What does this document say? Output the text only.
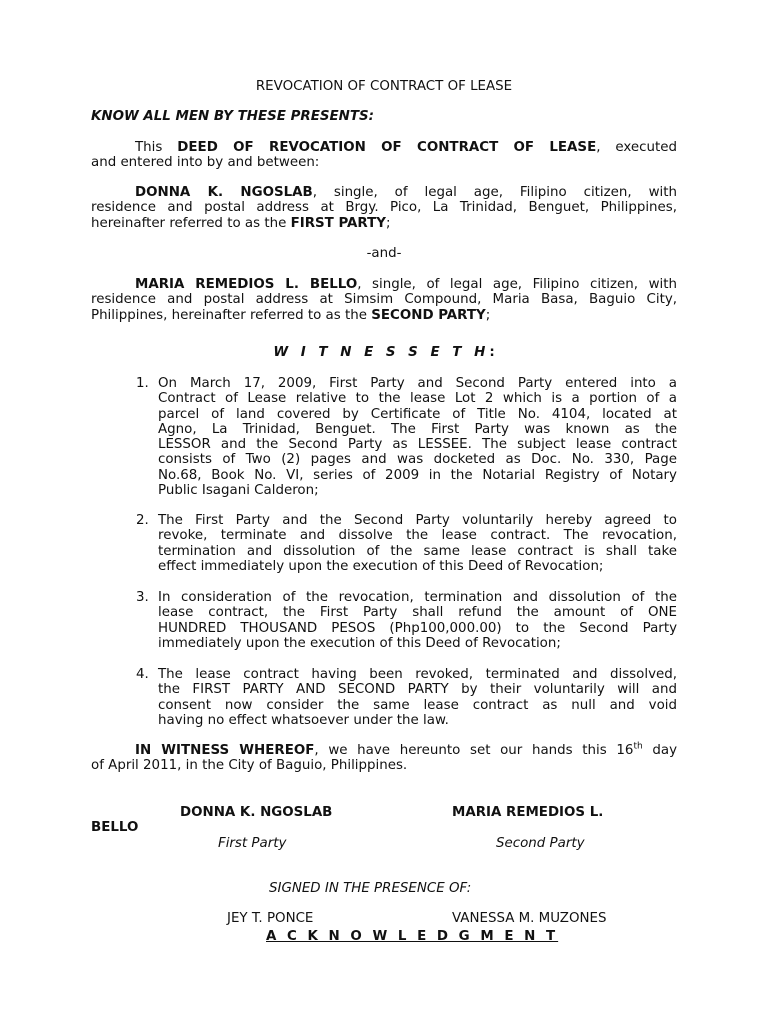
REVOCATION OF CONTRACT OF LEASE
KNOW ALL MEN BY THESE PRESENTS:
This DEED OF REVOCATION OF CONTRACT OF LEASE, executed
and entered into by and between:
DONNA K. NGOSLAB, single, of legal age, Filipino citizen, with
residence and postal address at Brgy. Pico, La Trinidad, Benguet, Philippines,
hereinafter referred to as the FIRST PARTY;
-and-
MARIA REMEDIOS L. BELLO, single, of legal age, Filipino citizen, with
residence and postal address at Simsim Compound, Maria Basa, Baguio City,
Philippines, hereinafter referred to as the SECOND PARTY;
W I T N E S S E T H:
1. On March 17, 2009, First Party and Second Party entered into a
Contract of Lease relative to the lease Lot 2 which is a portion of a
parcel of land covered by Certificate of Title No. 4104, located at
Agno, La Trinidad, Benguet. The First Party was known as the
LESSOR and the Second Party as LESSEE. The subject lease contract
consists of Two (2) pages and was docketed as Doc. No. 330, Page
No.68, Book No. VI, series of 2009 in the Notarial Registry of Notary
Public Isagani Calderon;
2. The First Party and the Second Party voluntarily hereby agreed to
revoke, terminate and dissolve the lease contract. The revocation,
termination and dissolution of the same lease contract is shall take
effect immediately upon the execution of this Deed of Revocation;
3. In consideration of the revocation, termination and dissolution of the
lease contract, the First Party shall refund the amount of ONE
HUNDRED THOUSAND PESOS (Php100,000.00) to the Second Party
immediately upon the execution of this Deed of Revocation;
4. The lease contract having been revoked, terminated and dissolved,
the FIRST PARTY AND SECOND PARTY by their voluntarily will and
consent now consider the same lease contract as null and void
having no effect whatsoever under the law.
IN WITNESS WHEREOF, we have hereunto set our hands this 16th day
of April 2011, in the City of Baguio, Philippines.
DONNA K. NGOSLAB	MARIA REMEDIOS L.
BELLO
First Party	Second Party
SIGNED IN THE PRESENCE OF:
JEY T. PONCE	VANESSA M. MUZONES
A C K N O W L E D G M E N T
